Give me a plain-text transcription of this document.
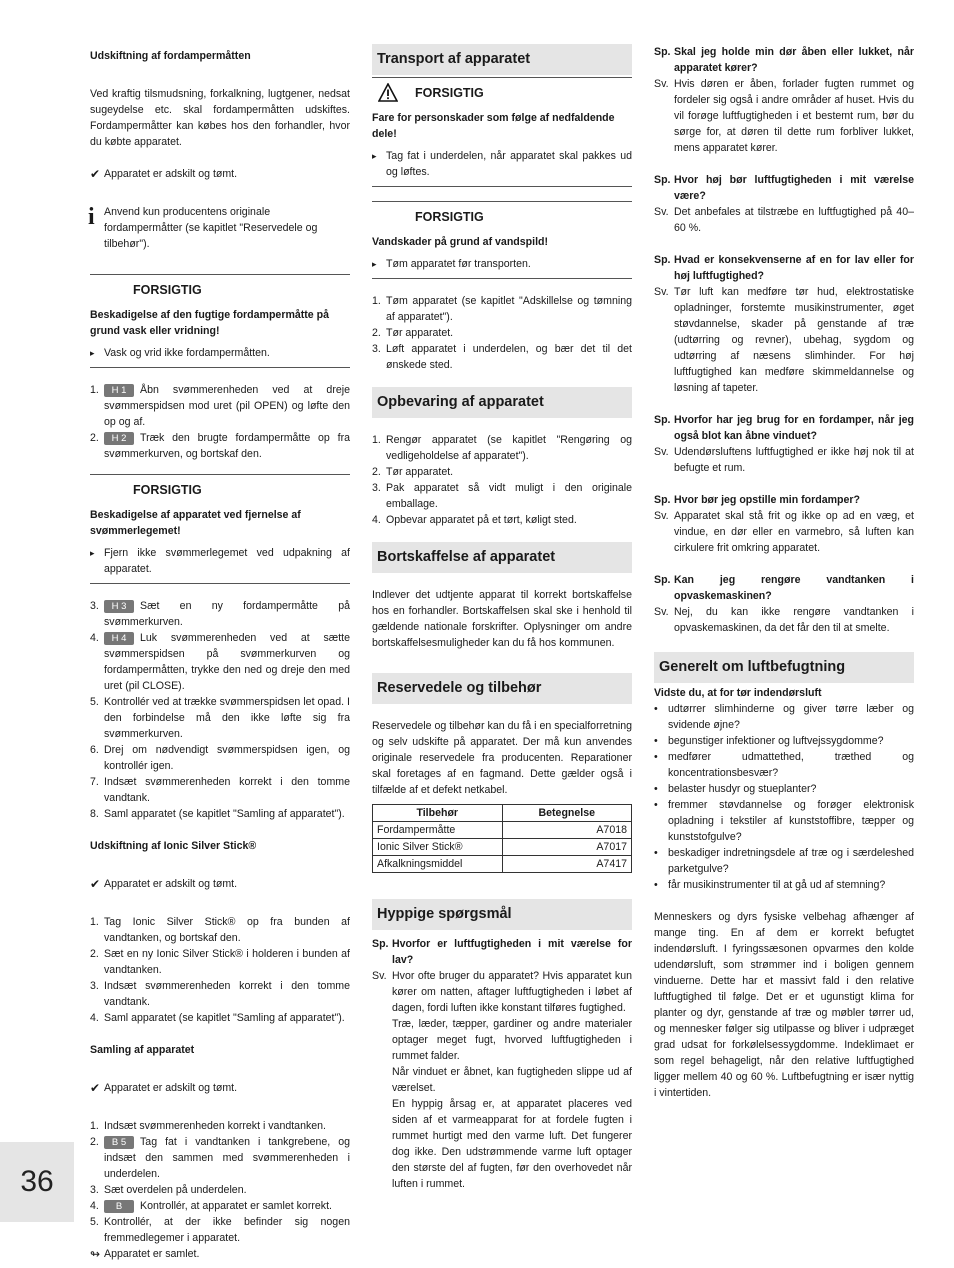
Udskiftning af fordampermåtten

Ved kraftig tilsmudsning, forkalkning, lugtgener, nedsat sugeydelse etc. skal fordampermåtten udskiftes. Fordampermåtter kan købes hos den forhandler, hvor du købte apparatet.

✔ Apparatet er adskilt og tømt.
i Anvend kun producentens originale fordampermåtter (se kapitlet "Reservedele og tilbehør").
FORSIGTIG
Beskadigelse af den fugtige fordampermåtte på grund vask eller vridning!
▸ Vask og vrid ikke fordampermåtten.
1. H 1 Åbn svømmerenheden ved at dreje svømmerspidsen mod uret (pil OPEN) og løfte den op og af.
2. H 2 Træk den brugte fordampermåtte op fra svømmerkurven, og bortskaf den.
FORSIGTIG
Beskadigelse af apparatet ved fjernelse af svømmerlegemet!
▸ Fjern ikke svømmerlegemet ved udpakning af apparatet.
3. H 3 Sæt en ny fordampermåtte på svømmerkurven.
4. H 4 Luk svømmerenheden ved at sætte svømmerspidsen på svømmerkurven og fordampermåtten, trykke den ned og dreje den med uret (pil CLOSE).
5. Kontrollér ved at trække svømmerspidsen let opad. I den forbindelse må den ikke løfte sig fra svømmerkurven.
6. Drej om nødvendigt svømmerspidsen igen, og kontrollér igen.
7. Indsæt svømmerenheden korrekt i den tomme vandtank.
8. Saml apparatet (se kapitlet "Samling af apparatet").
Udskiftning af Ionic Silver Stick®
✔ Apparatet er adskilt og tømt.
1. Tag Ionic Silver Stick® op fra bunden af vandtanken, og bortskaf den.
2. Sæt en ny Ionic Silver Stick® i holderen i bunden af vandtanken.
3. Indsæt svømmerenheden korrekt i den tomme vandtank.
4. Saml apparatet (se kapitlet "Samling af apparatet").
Samling af apparatet
✔ Apparatet er adskilt og tømt.
1. Indsæt svømmerenheden korrekt i vandtanken.
2. B 5 Tag fat i vandtanken i tankgrebene, og indsæt den sammen med svømmerenheden i underdelen.
3. Sæt overdelen på underdelen.
4. B Kontrollér, at apparatet er samlet korrekt.
5. Kontrollér, at der ikke befinder sig nogen fremmedlegemer i apparatet.
↬ Apparatet er samlet.
Transport af apparatet
FORSIGTIG
Fare for personskader som følge af nedfaldende dele!
▸ Tag fat i underdelen, når apparatet skal pakkes ud og løftes.
FORSIGTIG
Vandskader på grund af vandspild!
▸ Tøm apparatet før transporten.
1. Tøm apparatet (se kapitlet "Adskillelse og tømning af apparatet").
2. Tør apparatet.
3. Løft apparatet i underdelen, og bær det til det ønskede sted.
Opbevaring af apparatet
1. Rengør apparatet (se kapitlet "Rengøring og vedligeholdelse af apparatet").
2. Tør apparatet.
3. Pak apparatet så vidt muligt i den originale emballage.
4. Opbevar apparatet på et tørt, køligt sted.
Bortskaffelse af apparatet

Indlever det udtjente apparat til korrekt bortskaffelse hos en forhandler. Bortskaffelsen skal ske i henhold til gældende nationale forskrifter. Oplysninger om andre bortskaffelsesmuligheder kan du få hos kommunen.

Reservedele og tilbehør

Reservedele og tilbehør kan du få i en specialforretning og selv udskifte på apparatet. Der må kun anvendes originale reservedele fra producenten. Reparationer skal foretages af en fagmand. Dette gælder også i tilfælde af et defekt netkabel.

Tilbehør	Betegnelse
Fordampermåtte	A7018
Ionic Silver Stick®	A7017
Afkalkningsmiddel	A7417
Hyppige spørgsmål
Sp. Hvorfor er luftfugtigheden i mit værelse for lav?
Sv. Hvor ofte bruger du apparatet? Hvis apparatet kun kører om natten, aftager luftfugtigheden i løbet af dagen, fordi luften ikke konstant tilføres fugtighed.
Træ, læder, tæpper, gardiner og andre materialer optager meget fugt, hvorved luftfugtigheden i rummet falder.
Når vinduet er åbnet, kan fugtigheden slippe ud af værelset.
En hyppig årsag er, at apparatet placeres ved siden af et varmeapparat for at fordele fugten i rummet hurtigt med den varme luft. Det fungerer dog ikke. Den udstrømmende varme luft optager den største del af fugten, før den overhovedet når luften i rummet.
Sp. Skal jeg holde min dør åben eller lukket, når apparatet kører?
Sv. Hvis døren er åben, forlader fugten rummet og fordeler sig også i andre områder af huset. Hvis du vil forøge luftfugtigheden i et bestemt rum, bør du sørge for, at døren til dette rum forbliver lukket, mens apparatet kører.
Sp. Hvor høj bør luftfugtigheden i mit værelse være?
Sv. Det anbefales at tilstræbe en luftfugtighed på 40–60 %.
Sp. Hvad er konsekvenserne af en for lav eller for høj luftfugtighed?
Sv. Tør luft kan medføre tør hud, elektrostatiske opladninger, forstemte musikinstrumenter, øget støvdannelse, skader på genstande af træ (udtørring og revner), ubehag, sygdom og udtørring af næsens slimhinder. For høj luftfugtighed kan medføre skimmeldannelse og løsning af tapeter.
Sp. Hvorfor har jeg brug for en fordamper, når jeg også blot kan åbne vinduet?
Sv. Udendørsluftens luftfugtighed er ikke høj nok til at befugte et rum.
Sp. Hvor bør jeg opstille min fordamper?
Sv. Apparatet skal stå frit og ikke op ad en væg, et vindue, en dør eller en varmebro, så luften kan cirkulere frit omkring apparatet.
Sp. Kan jeg rengøre vandtanken i opvaskemaskinen?
Sv. Nej, du kan ikke rengøre vandtanken i opvaskemaskinen, da det får den til at smelte.
Generelt om luftbefugtning
Vidste du, at for tør indendørsluft
• udtørrer slimhinderne og giver tørre læber og svidende øjne?
• begunstiger infektioner og luftvejssygdomme?
• medfører udmattethed, træthed og koncentrationsbesvær?
• belaster husdyr og stueplanter?
• fremmer støvdannelse og forøger elektronisk opladning i tekstiler af kunststoffibre, tæpper og kunststofgulve?
• beskadiger indretningsdele af træ og i særdeleshed parketgulve?
• får musikinstrumenter til at gå ud af stemning?

Menneskers og dyrs fysiske velbehag afhænger af mange ting. En af dem er korrekt befugtet indendørsluft. I fyringssæsonen opvarmes den kolde udendørsluft, som strømmer ind i boligen gennem vinduerne. Dette har et massivt fald i den relative luftfugtighed til følge. Det er et ugunstigt klima for planter og dyr, genstande af træ og møbler tørrer ud, og mennesker følger sig utilpasse og bliver i udpræget grad udsat for forkølelsessygdomme. Indeklimaet er som regel behageligt, når den relative luftfugtighed ligger mellem 40 og 60 %. Luftbefugtning er især nyttig i vintertiden.

36
